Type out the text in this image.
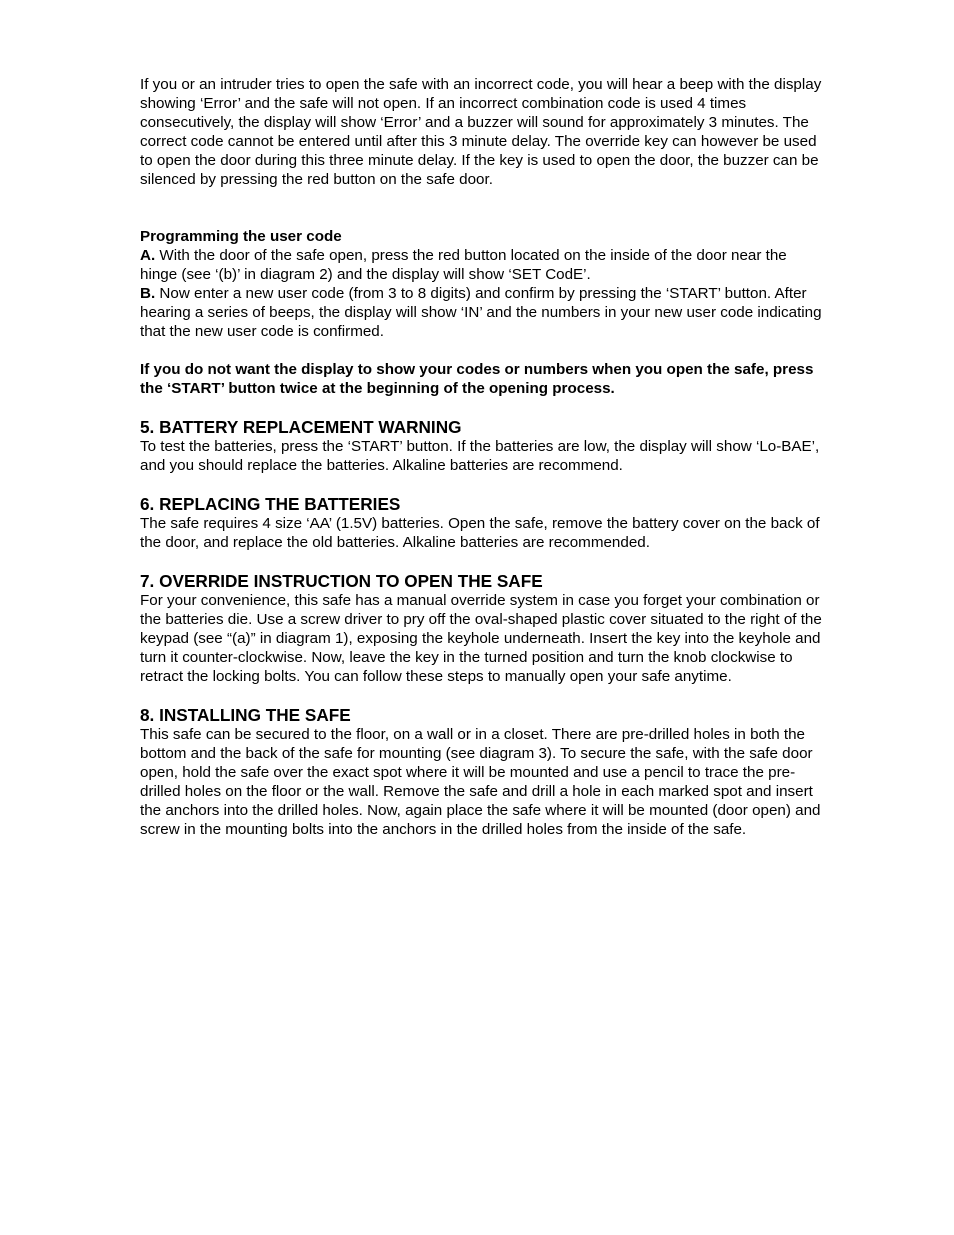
If you or an intruder tries to open the safe with an incorrect code, you will hear a beep with the display showing ‘Error’ and the safe will not open. If an incorrect combination code is used 4 times consecutively, the display will show ‘Error’ and a buzzer will sound for approximately 3 minutes. The correct code cannot be entered until after this 3 minute delay. The override key can however be used to open the door during this three minute delay. If the key is used to open the door, the buzzer can be silenced by pressing the red button on the safe door.

Programming the user code

A. With the door of the safe open, press the red button located on the inside of the door near the hinge (see ‘(b)’ in diagram 2) and the display will show ‘SET CodE’.

B. Now enter a new user code (from 3 to 8 digits) and confirm by pressing the ‘START’ button. After hearing a series of beeps, the display will show ‘IN’ and the numbers in your new user code indicating that the new user code is confirmed.

If you do not want the display to show your codes or numbers when you open the safe, press the ‘START’ button twice at the beginning of the opening process.

5. BATTERY REPLACEMENT WARNING

To test the batteries, press the ‘START’ button. If the batteries are low, the display will show ‘Lo-BAE’, and you should replace the batteries. Alkaline batteries are recommend.

6. REPLACING THE BATTERIES

The safe requires 4 size ‘AA’ (1.5V) batteries. Open the safe, remove the battery cover on the back of the door, and replace the old batteries. Alkaline batteries are recommended.

7. OVERRIDE INSTRUCTION TO OPEN THE SAFE

For your convenience, this safe has a manual override system in case you forget your combination or the batteries die. Use a screw driver to pry off the oval-shaped plastic cover situated to the right of the keypad (see “(a)” in diagram 1), exposing the keyhole underneath. Insert the key into the keyhole and turn it counter-clockwise. Now, leave the key in the turned position and turn the knob clockwise to retract the locking bolts. You can follow these steps to manually open your safe anytime.

8. INSTALLING THE SAFE

This safe can be secured to the floor, on a wall or in a closet. There are pre-drilled holes in both the bottom and the back of the safe for mounting (see diagram 3). To secure the safe, with the safe door open, hold the safe over the exact spot where it will be mounted and use a pencil to trace the pre-drilled holes on the floor or the wall. Remove the safe and drill a hole in each marked spot and insert the anchors into the drilled holes. Now, again place the safe where it will be mounted (door open) and screw in the mounting bolts into the anchors in the drilled holes from the inside of the safe.
